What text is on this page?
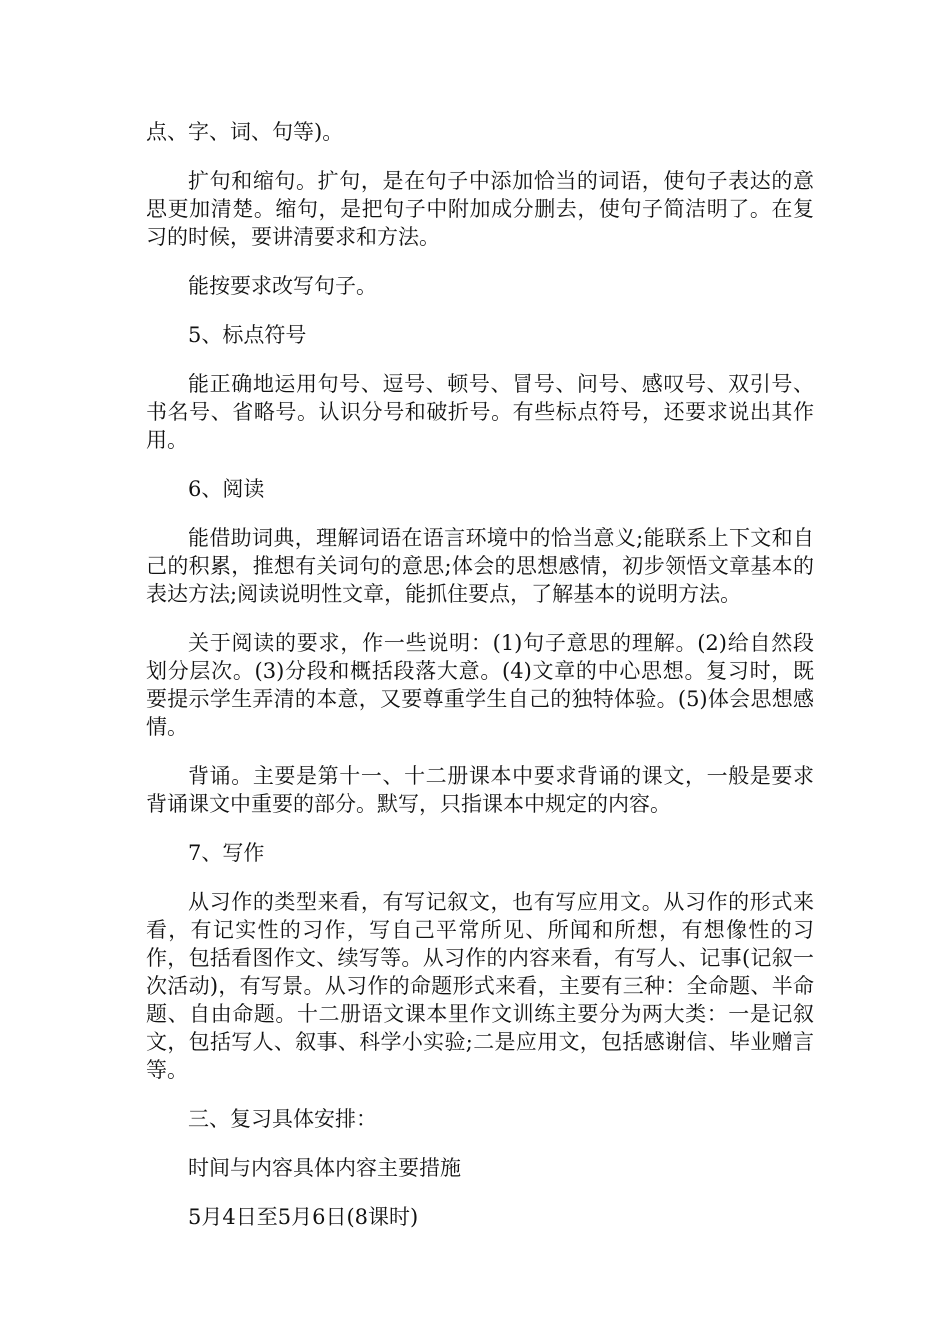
点、字、词、句等)。

扩句和缩句。扩句，是在句子中添加恰当的词语，使句子表达的意思更加清楚。缩句，是把句子中附加成分删去，使句子简洁明了。在复习的时候，要讲清要求和方法。

能按要求改写句子。

5、标点符号

能正确地运用句号、逗号、顿号、冒号、问号、感叹号、双引号、书名号、省略号。认识分号和破折号。有些标点符号，还要求说出其作用。

6、阅读

能借助词典，理解词语在语言环境中的恰当意义;能联系上下文和自己的积累，推想有关词句的意思;体会的思想感情，初步领悟文章基本的表达方法;阅读说明性文章，能抓住要点，了解基本的说明方法。

关于阅读的要求，作一些说明：(1)句子意思的理解。(2)给自然段划分层次。(3)分段和概括段落大意。(4)文章的中心思想。复习时，既要提示学生弄清的本意，又要尊重学生自己的独特体验。(5)体会思想感情。

背诵。主要是第十一、十二册课本中要求背诵的课文，一般是要求背诵课文中重要的部分。默写，只指课本中规定的内容。

7、写作

从习作的类型来看，有写记叙文，也有写应用文。从习作的形式来看，有记实性的习作，写自己平常所见、所闻和所想，有想像性的习作，包括看图作文、续写等。从习作的内容来看，有写人、记事(记叙一次活动)，有写景。从习作的命题形式来看，主要有三种：全命题、半命题、自由命题。十二册语文课本里作文训练主要分为两大类：一是记叙文，包括写人、叙事、科学小实验;二是应用文，包括感谢信、毕业赠言等。

三、复习具体安排：

时间与内容具体内容主要措施

5月4日至5月6日(8课时)
